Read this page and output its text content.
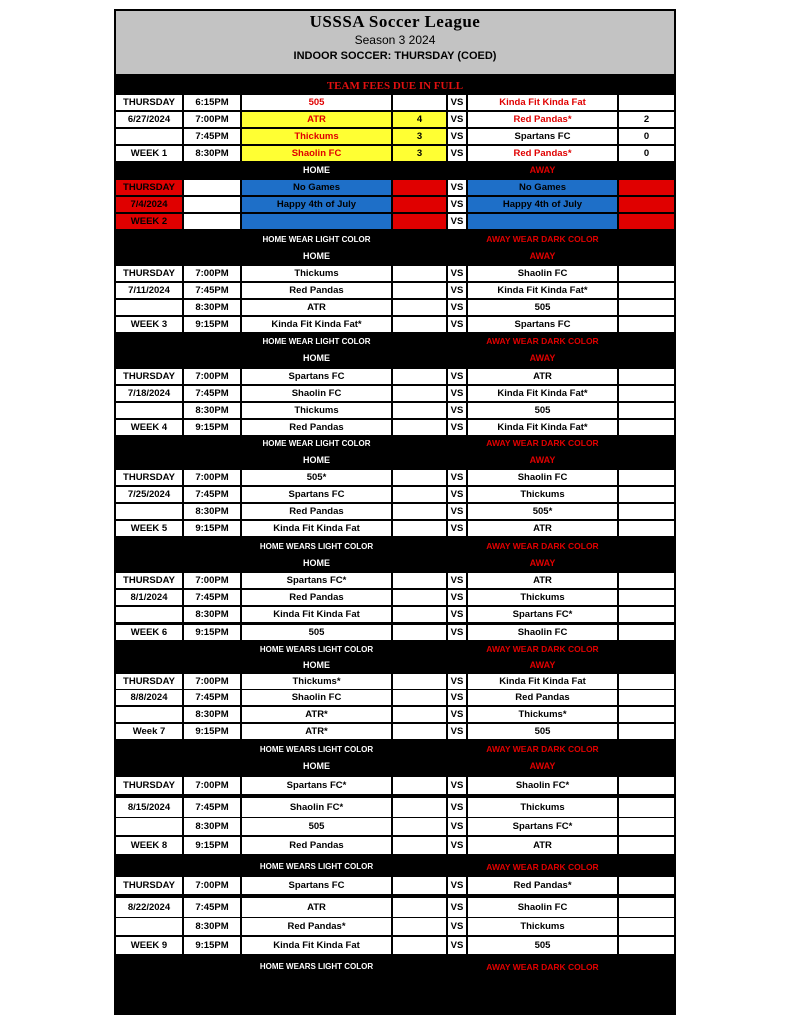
USSSA Soccer League
Season 3 2024
INDOOR SOCCER: THURSDAY (COED)
TEAM FEES DUE IN FULL
THURSDAY	6:15PM	505	VS	Kinda Fit Kinda Fat
6/27/2024	7:00PM	ATR	4	VS	Red Pandas*	2
7:45PM	Thickums	3	VS	Spartans FC	0
WEEK 1	8:30PM	Shaolin FC	3	VS	Red Pandas*	0
HOME	AWAY
THURSDAY	No Games	VS	No Games
7/4/2024	Happy 4th of July	VS	Happy 4th of July
WEEK 2	VS
HOME WEAR LIGHT COLOR	AWAY WEAR DARK COLOR
HOME	AWAY
THURSDAY	7:00PM	Thickums	VS	Shaolin FC
7/11/2024	7:45PM	Red Pandas	VS	Kinda Fit Kinda Fat*
8:30PM	ATR	VS	505
WEEK 3	9:15PM	Kinda Fit Kinda Fat*	VS	Spartans FC
HOME WEAR LIGHT COLOR	AWAY WEAR DARK COLOR
HOME	AWAY
THURSDAY	7:00PM	Spartans FC	VS	ATR
7/18/2024	7:45PM	Shaolin FC	VS	Kinda Fit Kinda Fat*
8:30PM	Thickums	VS	505
WEEK 4	9:15PM	Red Pandas	VS	Kinda Fit Kinda Fat*
HOME WEAR LIGHT COLOR	AWAY WEAR DARK COLOR
HOME	AWAY
THURSDAY	7:00PM	505*	VS	Shaolin FC
7/25/2024	7:45PM	Spartans FC	VS	Thickums
8:30PM	Red Pandas	VS	505*
WEEK 5	9:15PM	Kinda Fit Kinda Fat	VS	ATR
HOME WEARS LIGHT COLOR	AWAY WEAR DARK COLOR
HOME	AWAY
THURSDAY	7:00PM	Spartans FC*	VS	ATR
8/1/2024	7:45PM	Red Pandas	VS	Thickums
8:30PM	Kinda Fit Kinda Fat	VS	Spartans FC*
WEEK 6	9:15PM	505	VS	Shaolin FC
HOME WEARS LIGHT COLOR	AWAY WEAR DARK COLOR
HOME	AWAY
THURSDAY	7:00PM	Thickums*	VS	Kinda Fit Kinda Fat
8/8/2024	7:45PM	Shaolin FC	VS	Red Pandas
8:30PM	ATR*	VS	Thickums*
Week 7	9:15PM	ATR*	VS	505
HOME WEARS LIGHT COLOR	AWAY WEAR DARK COLOR
HOME	AWAY
THURSDAY	7:00PM	Spartans FC*	VS	Shaolin FC*
8/15/2024	7:45PM	Shaolin FC*	VS	Thickums
8:30PM	505	VS	Spartans FC*
WEEK 8	9:15PM	Red Pandas	VS	ATR
HOME WEARS LIGHT COLOR	AWAY WEAR DARK COLOR
THURSDAY	7:00PM	Spartans FC	VS	Red Pandas*
8/22/2024	7:45PM	ATR	VS	Shaolin FC
8:30PM	Red Pandas*	VS	Thickums
WEEK 9	9:15PM	Kinda Fit Kinda Fat	VS	505
HOME WEARS LIGHT COLOR	AWAY WEAR DARK COLOR
